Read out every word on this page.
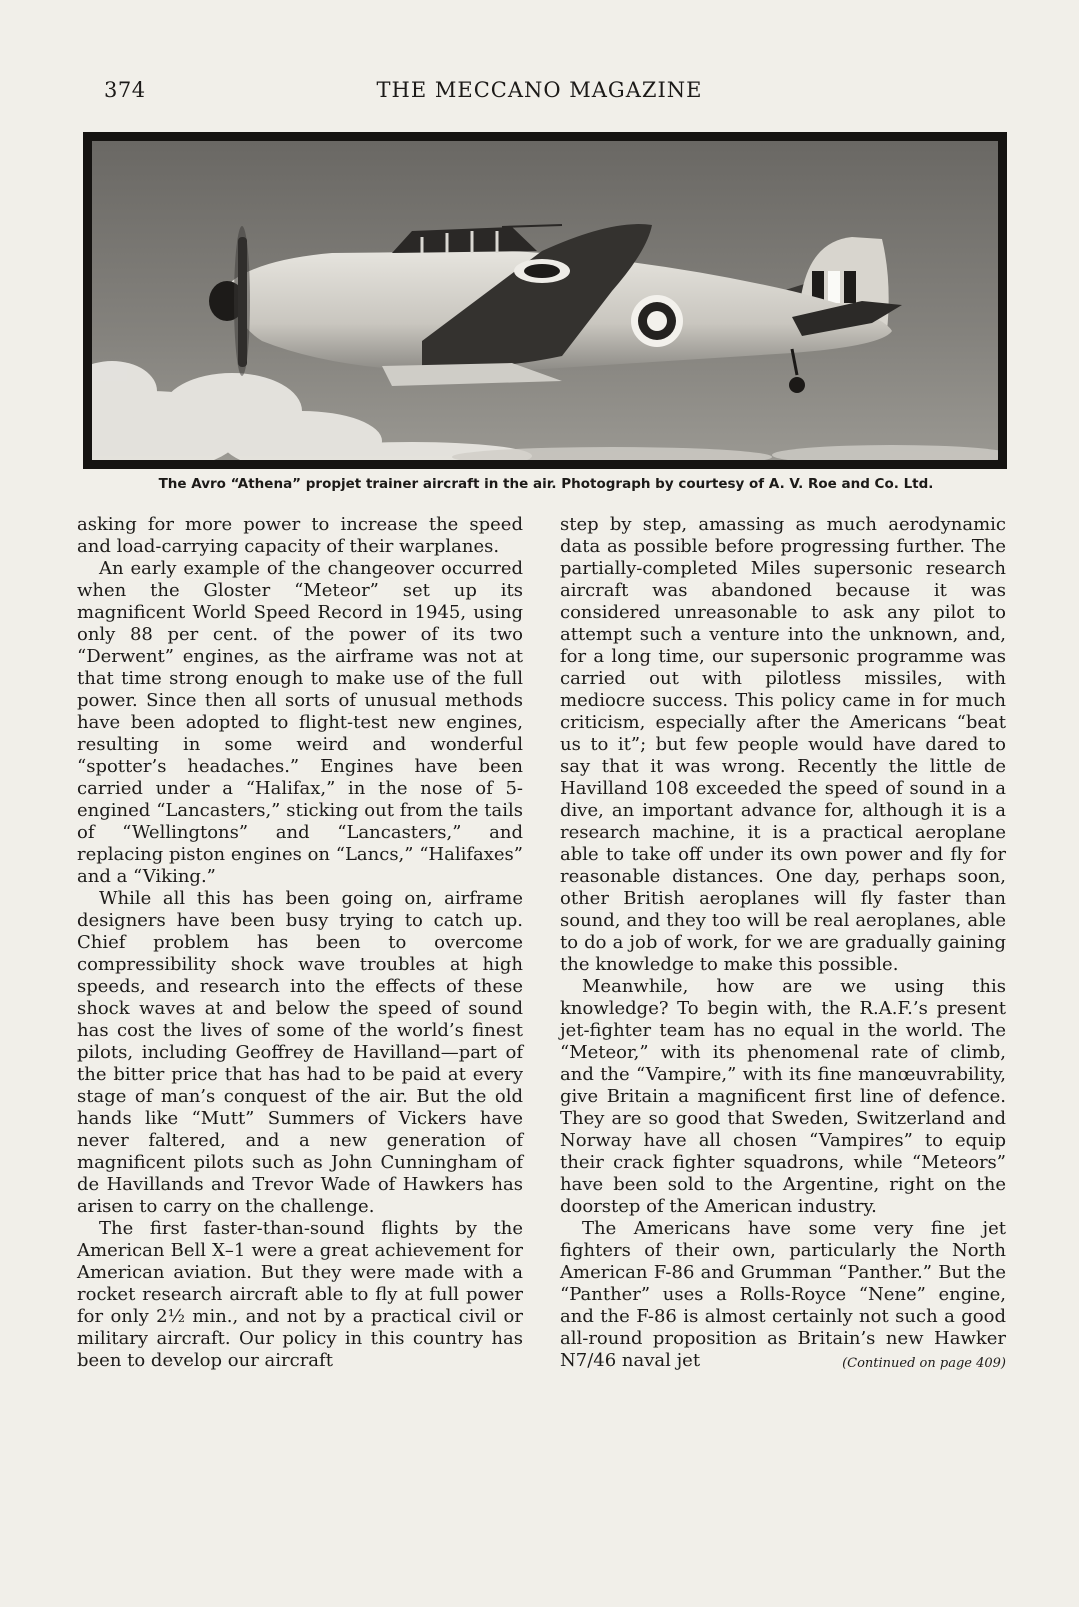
374	THE MECCANO MAGAZINE
The Avro “Athena” propjet trainer aircraft in the air. Photograph by courtesy of A. V. Roe and Co. Ltd.

asking for more power to increase the speed and load-carrying capacity of their warplanes.

An early example of the changeover occurred when the Gloster “Meteor” set up its magnificent World Speed Record in 1945, using only 88 per cent. of the power of its two “Derwent” engines, as the airframe was not at that time strong enough to make use of the full power. Since then all sorts of unusual methods have been adopted to flight-test new engines, resulting in some weird and wonderful “spotter’s headaches.” Engines have been carried under a “Halifax,” in the nose of 5-engined “Lancasters,” sticking out from the tails of “Wellingtons” and “Lancasters,” and replacing piston engines on “Lancs,” “Halifaxes” and a “Viking.”

While all this has been going on, airframe designers have been busy trying to catch up. Chief problem has been to overcome compressibility shock wave troubles at high speeds, and research into the effects of these shock waves at and below the speed of sound has cost the lives of some of the world’s finest pilots, including Geoffrey de Havilland—part of the bitter price that has had to be paid at every stage of man’s conquest of the air. But the old hands like “Mutt” Summers of Vickers have never faltered, and a new generation of magnificent pilots such as John Cunningham of de Havillands and Trevor Wade of Hawkers has arisen to carry on the challenge.

The first faster-than-sound flights by the American Bell X–1 were a great achievement for American aviation. But they were made with a rocket research aircraft able to fly at full power for only 2½ min., and not by a practical civil or military aircraft. Our policy in this country has been to develop our aircraft

step by step, amassing as much aerodynamic data as possible before progressing further. The partially-completed Miles supersonic research aircraft was abandoned because it was considered unreasonable to ask any pilot to attempt such a venture into the unknown, and, for a long time, our supersonic programme was carried out with pilotless missiles, with mediocre success. This policy came in for much criticism, especially after the Americans “beat us to it”; but few people would have dared to say that it was wrong. Recently the little de Havilland 108 exceeded the speed of sound in a dive, an important advance for, although it is a research machine, it is a practical aeroplane able to take off under its own power and fly for reasonable distances. One day, perhaps soon, other British aeroplanes will fly faster than sound, and they too will be real aeroplanes, able to do a job of work, for we are gradually gaining the knowledge to make this possible.

Meanwhile, how are we using this knowledge? To begin with, the R.A.F.’s present jet-fighter team has no equal in the world. The “Meteor,” with its phenomenal rate of climb, and the “Vampire,” with its fine manœuvrability, give Britain a magnificent first line of defence. They are so good that Sweden, Switzerland and Norway have all chosen “Vampires” to equip their crack fighter squadrons, while “Meteors” have been sold to the Argentine, right on the doorstep of the American industry.

The Americans have some very fine jet fighters of their own, particularly the North American F-86 and Grumman “Panther.” But the “Panther” uses a Rolls-Royce “Nene” engine, and the F-86 is almost certainly not such a good all-round proposition as Britain’s new Hawker N7/46 naval jet	(Continued on page 409)
